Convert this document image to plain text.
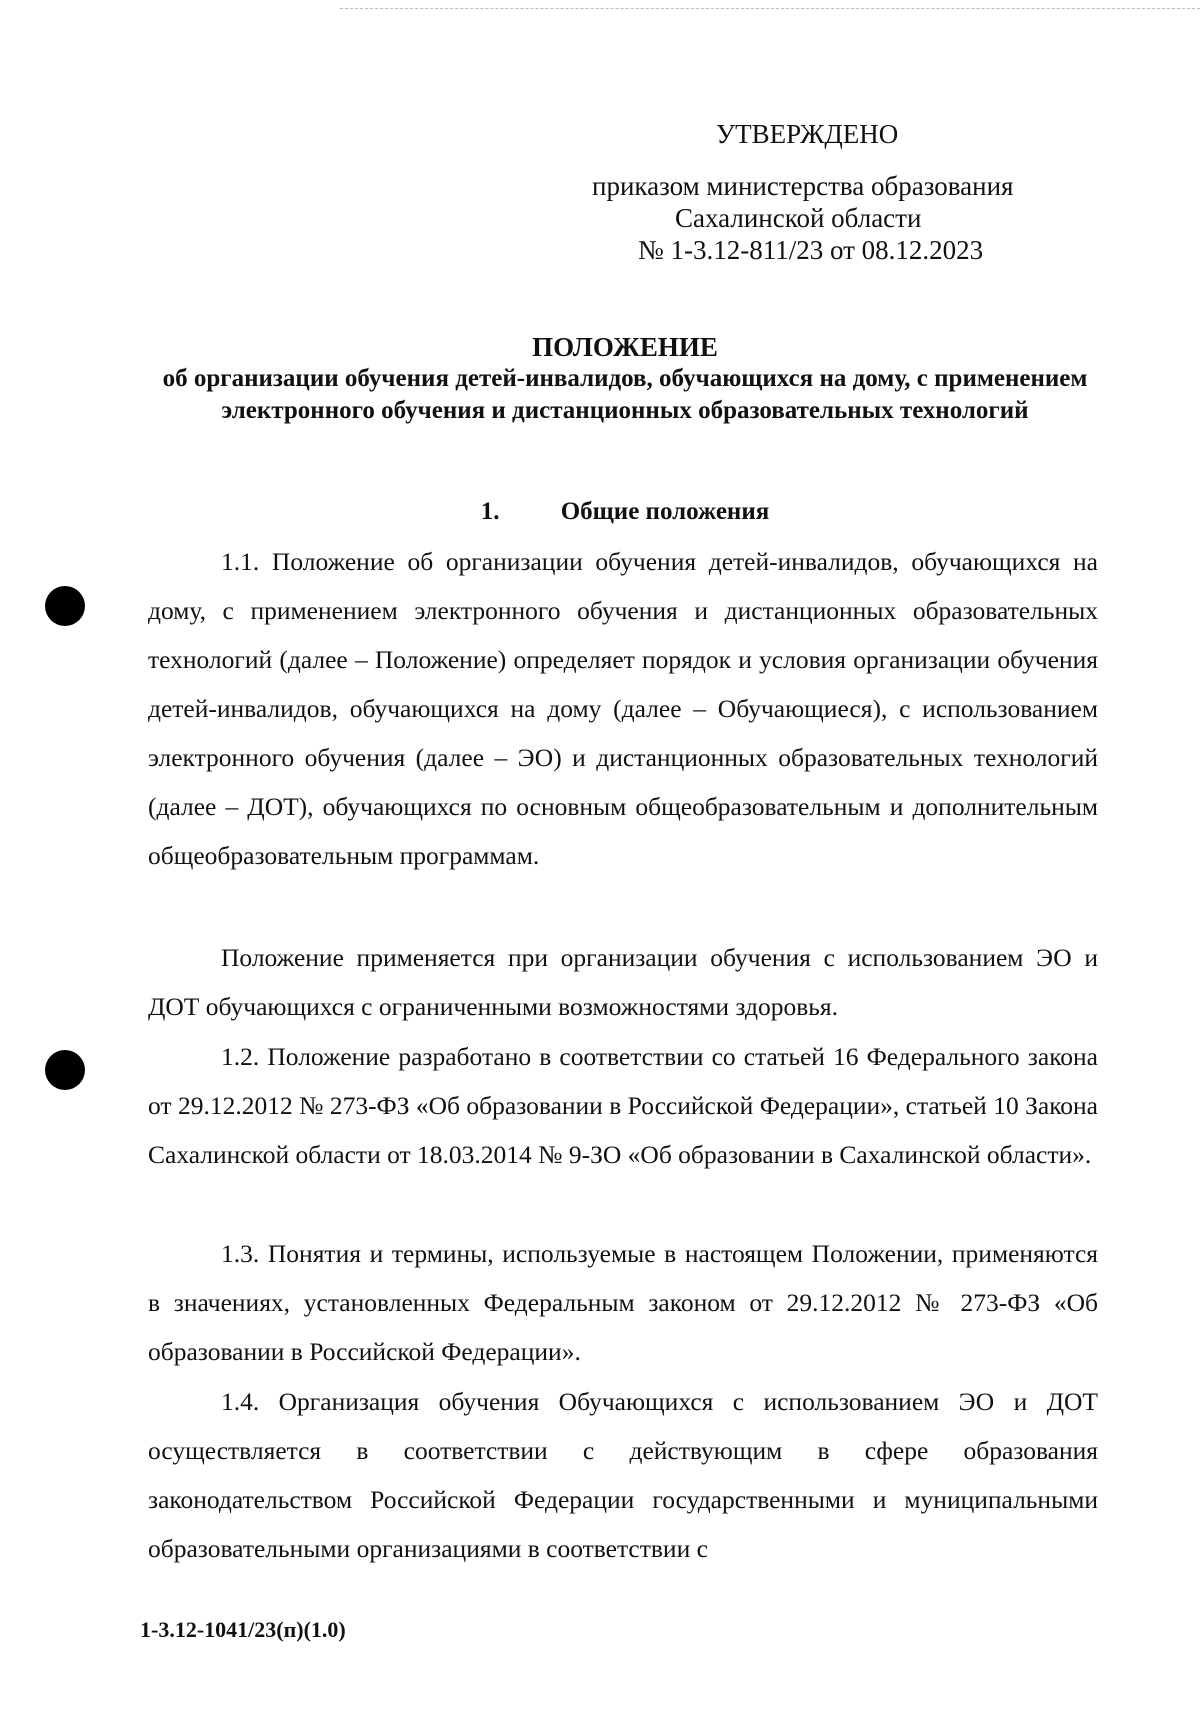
УТВЕРЖДЕНО
приказом министерства образования
Сахалинской области
№ 1-3.12-811/23 от 08.12.2023
ПОЛОЖЕНИЕ
об организации обучения детей-инвалидов, обучающихся на дому, с применением электронного обучения и дистанционных образовательных технологий
1. Общие положения

1.1. Положение об организации обучения детей-инвалидов, обучающихся на дому, с применением электронного обучения и дистанционных образовательных технологий (далее – Положение) определяет порядок и условия организации обучения детей-инвалидов, обучающихся на дому (далее – Обучающиеся), с использованием электронного обучения (далее – ЭО) и дистанционных образовательных технологий (далее – ДОТ), обучающихся по основным общеобразовательным и дополнительным общеобразовательным программам.

Положение применяется при организации обучения с использованием ЭО и ДОТ обучающихся с ограниченными возможностями здоровья.

1.2. Положение разработано в соответствии со статьей 16 Федерального закона от 29.12.2012 № 273-ФЗ «Об образовании в Российской Федерации», статьей 10 Закона Сахалинской области от 18.03.2014 № 9-ЗО «Об образовании в Сахалинской области».

1.3. Понятия и термины, используемые в настоящем Положении, применяются в значениях, установленных Федеральным законом от 29.12.2012 № 273-ФЗ «Об образовании в Российской Федерации».

1.4. Организация обучения Обучающихся с использованием ЭО и ДОТ осуществляется в соответствии с действующим в сфере образования законодательством Российской Федерации государственными и муниципальными образовательными организациями в соответствии с

1-3.12-1041/23(п)(1.0)
